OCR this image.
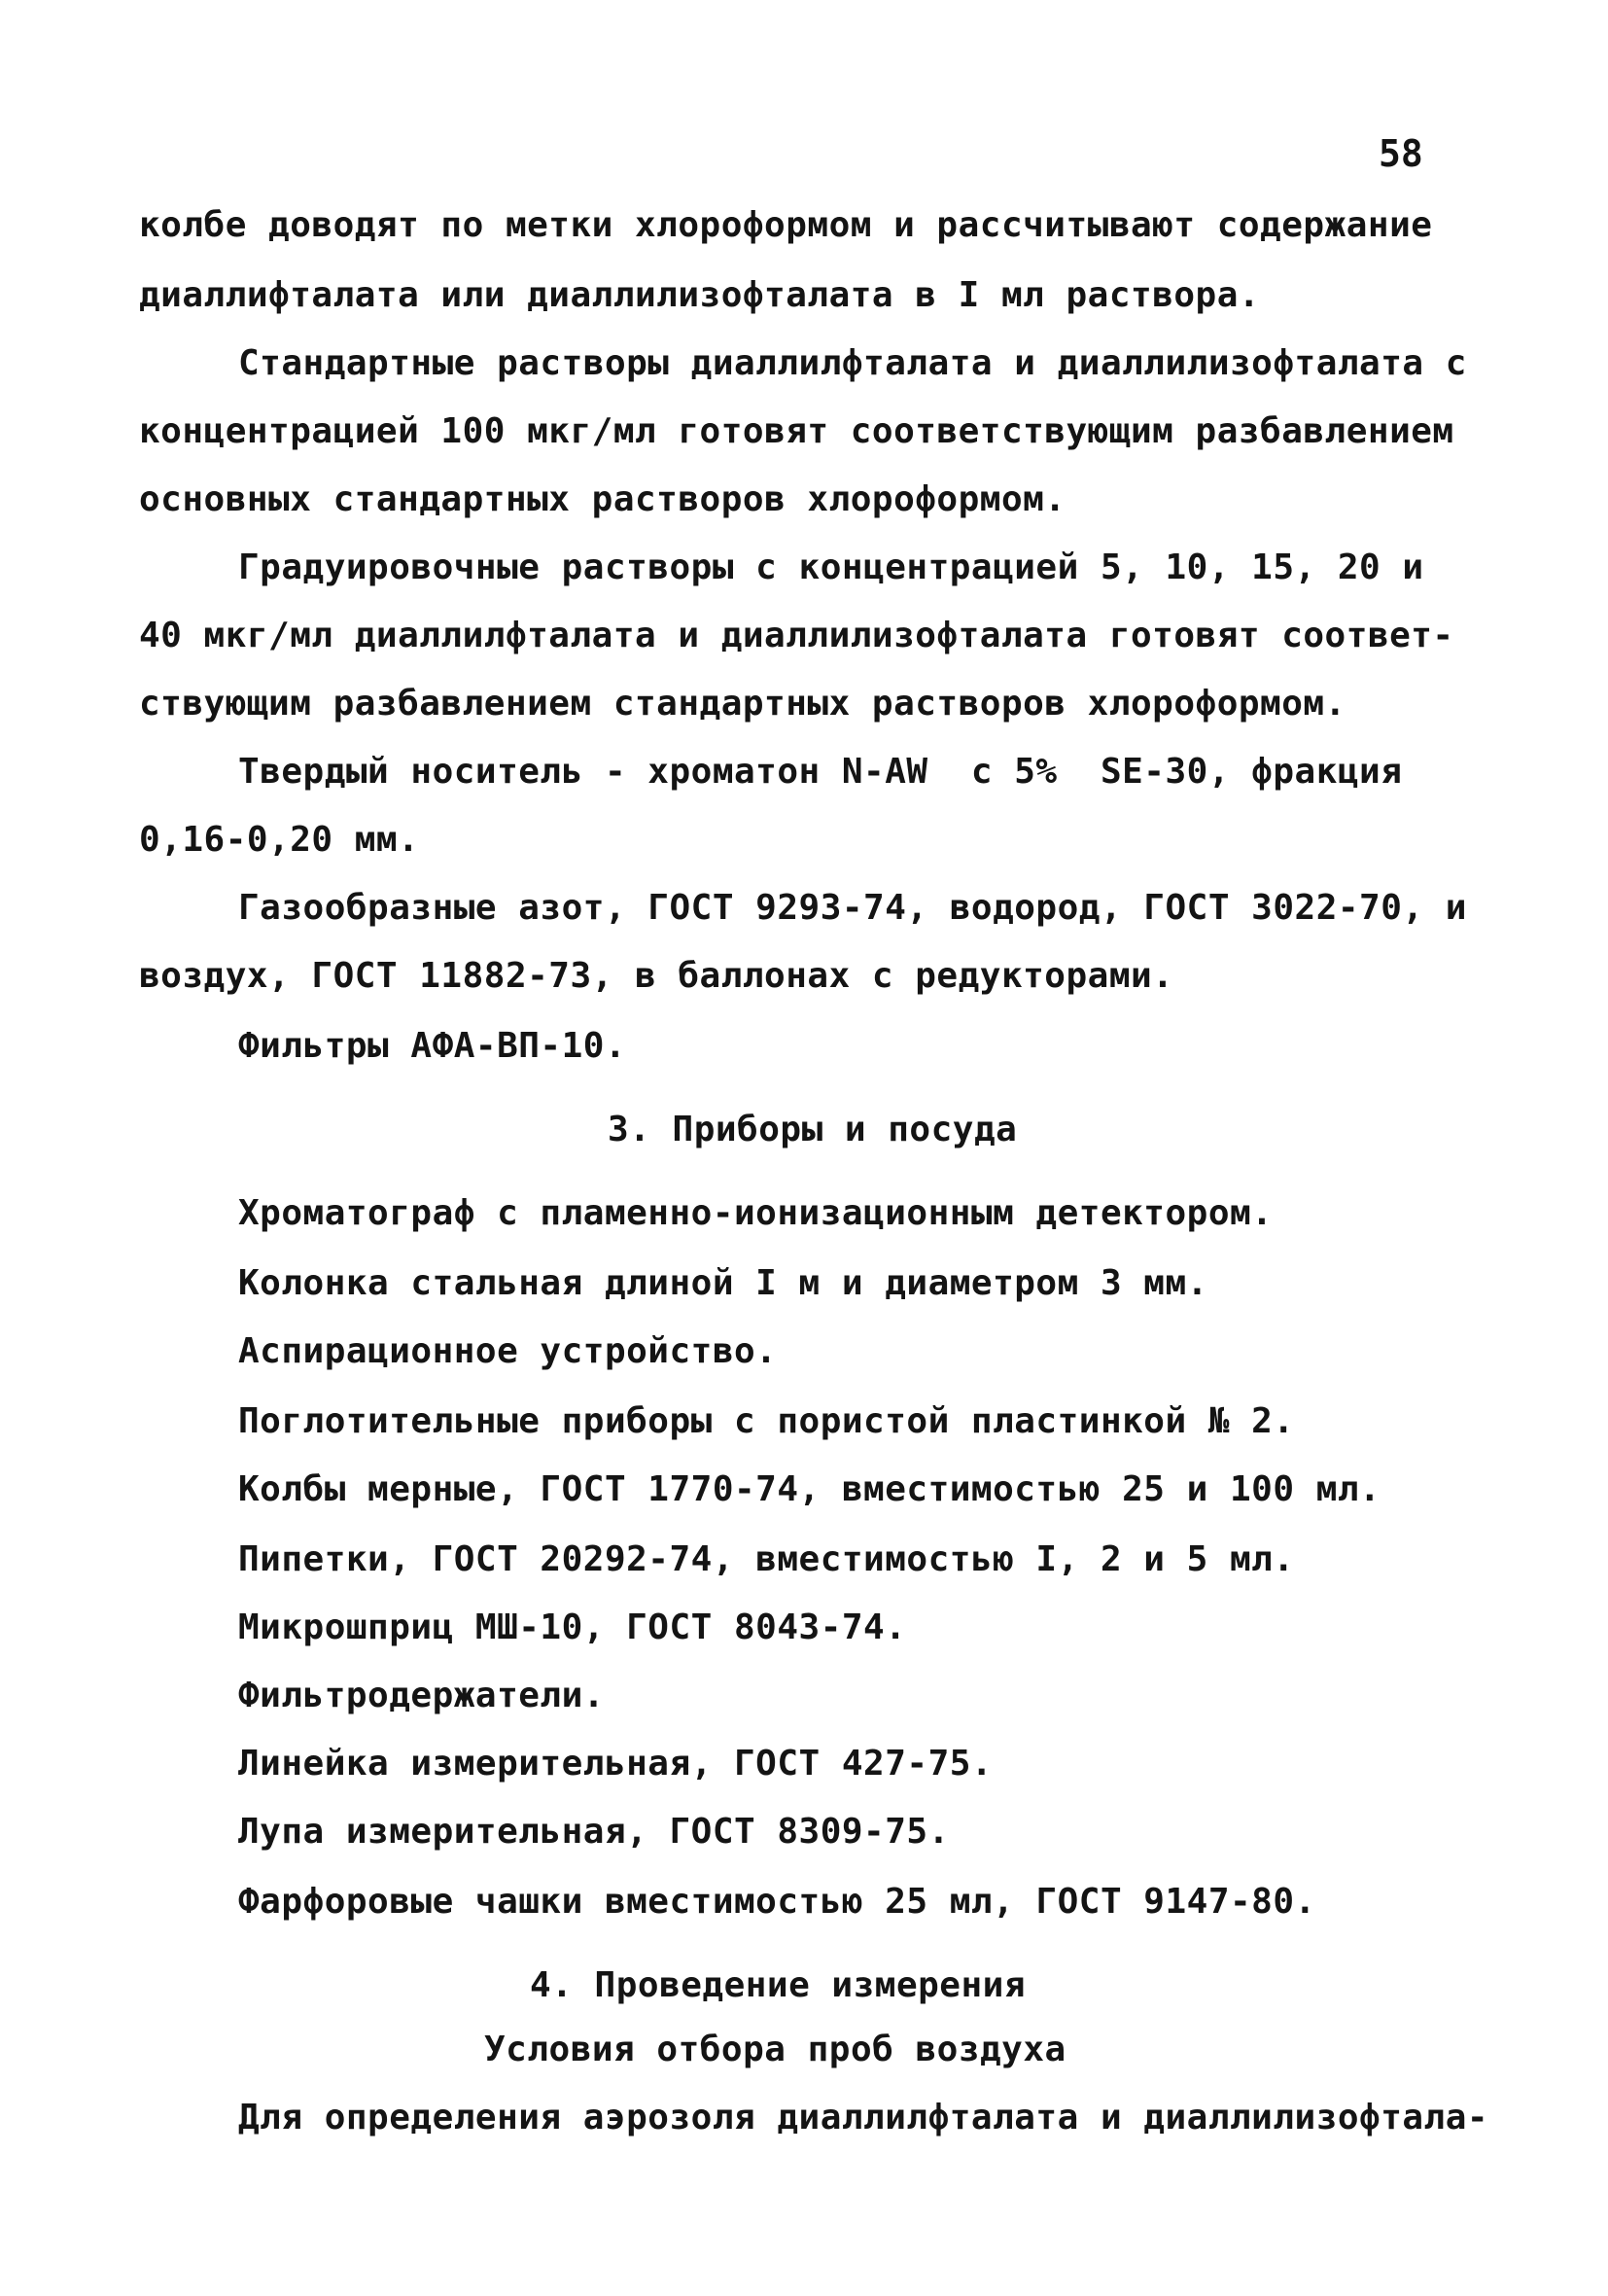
58
колбе доводят по метки хлороформом и рассчитывают содержание
диаллифталата или диаллилизофталата в I мл раствора.
Стандартные растворы диаллилфталата и диаллилизофталата с
концентрацией 100 мкг/мл готовят соответствующим разбавлением
основных стандартных растворов хлороформом.
Градуировочные растворы с концентрацией 5, 10, 15, 20 и
40 мкг/мл диаллилфталата и диаллилизофталата готовят соответ-
ствующим разбавлением стандартных растворов хлороформом.
Твердый носитель - хроматон N-AW  с 5%  SE-30, фракция
0,16-0,20 мм.
Газообразные азот, ГОСТ 9293-74, водород, ГОСТ 3022-70, и
воздух, ГОСТ 11882-73, в баллонах с редукторами.
Фильтры АФА-ВП-10.
3. Приборы и посуда
Хроматограф с пламенно-ионизационным детектором.
Колонка стальная длиной I м и диаметром 3 мм.
Аспирационное устройство.
Поглотительные приборы с пористой пластинкой № 2.
Колбы мерные, ГОСТ 1770-74, вместимостью 25 и 100 мл.
Пипетки, ГОСТ 20292-74, вместимостью I, 2 и 5 мл.
Микрошприц МШ-10, ГОСТ 8043-74.
Фильтродержатели.
Линейка измерительная, ГОСТ 427-75.
Лупа измерительная, ГОСТ 8309-75.
Фарфоровые чашки вместимостью 25 мл, ГОСТ 9147-80.
4. Проведение измерения
Условия отбора проб воздуха
Для определения аэрозоля диаллилфталата и диаллилизофтала-
